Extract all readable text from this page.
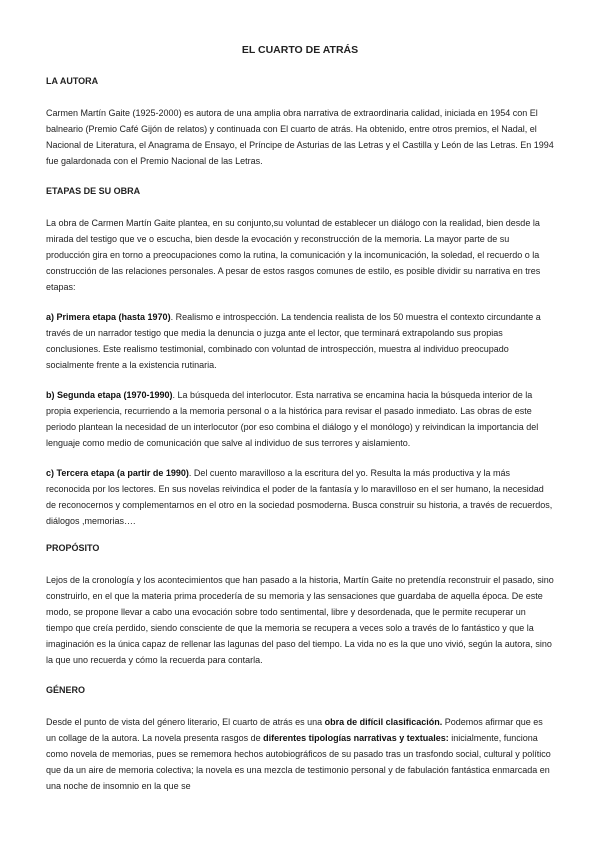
EL CUARTO DE ATRÁS
LA AUTORA

Carmen Martín Gaite (1925-2000) es autora de una amplia obra narrativa de extraordinaria calidad, iniciada en 1954 con El balneario (Premio Café Gijón de relatos) y continuada con El cuarto de atrás. Ha obtenido, entre otros premios, el Nadal, el Nacional de Literatura, el Anagrama de Ensayo, el Príncipe de Asturias de las Letras y el Castilla y León de las Letras. En 1994 fue galardonada con el Premio Nacional de las Letras.

ETAPAS DE SU OBRA

La obra de Carmen Martín Gaite plantea, en su conjunto,su voluntad de establecer un diálogo con la realidad, bien desde la mirada del testigo que ve o escucha, bien desde la evocación y reconstrucción de la memoria. La mayor parte de su producción gira en torno a preocupaciones como la rutina, la comunicación y la incomunicación, la soledad, el recuerdo o la construcción de las relaciones personales. A pesar de estos rasgos comunes de estilo, es posible dividir su narrativa en tres etapas:

a) Primera etapa (hasta 1970). Realismo e introspección. La tendencia realista de los 50 muestra el contexto circundante a través de un narrador testigo que media la denuncia o juzga ante el lector, que terminará extrapolando sus propias conclusiones. Este realismo testimonial, combinado con voluntad de introspección, muestra al individuo preocupado socialmente frente a la existencia rutinaria.

b) Segunda etapa (1970-1990). La búsqueda del interlocutor. Esta narrativa se encamina hacia la búsqueda interior de la propia experiencia, recurriendo a la memoria personal o a la histórica para revisar el pasado inmediato. Las obras de este periodo plantean la necesidad de un interlocutor (por eso combina el diálogo y el monólogo) y reivindican la importancia del lenguaje como medio de comunicación que salve al individuo de sus terrores y aislamiento.

c) Tercera etapa (a partir de 1990). Del cuento maravilloso a la escritura del yo. Resulta la más productiva y la más reconocida por los lectores. En sus novelas reivindica el poder de la fantasía y lo maravilloso en el ser humano, la necesidad de reconocernos y complementarnos en el otro en la sociedad posmoderna. Busca construir su historia, a través de recuerdos, diálogos ,memorias….

PROPÓSITO

Lejos de la cronología y los acontecimientos que han pasado a la historia, Martín Gaite no pretendía reconstruir el pasado, sino construirlo, en el que la materia prima procedería de su memoria y las sensaciones que guardaba de aquella época. De este modo, se propone llevar a cabo una evocación sobre todo sentimental, libre y desordenada, que le permite recuperar un tiempo que creía perdido, siendo consciente de que la memoria se recupera a veces solo a través de lo fantástico y que la imaginación es la única capaz de rellenar las lagunas del paso del tiempo. La vida no es la que uno vivió, según la autora, sino la que uno recuerda y cómo la recuerda para contarla.

GÉNERO

Desde el punto de vista del género literario, El cuarto de atrás es una obra de difícil clasificación. Podemos afirmar que es un collage de la autora. La novela presenta rasgos de diferentes tipologías narrativas y textuales: inicialmente, funciona como novela de memorias, pues se rememora hechos autobiográficos de su pasado tras un trasfondo social, cultural y político que da un aire de memoria colectiva; la novela es una mezcla de testimonio personal y de fabulación fantástica enmarcada en una noche de insomnio en la que se
